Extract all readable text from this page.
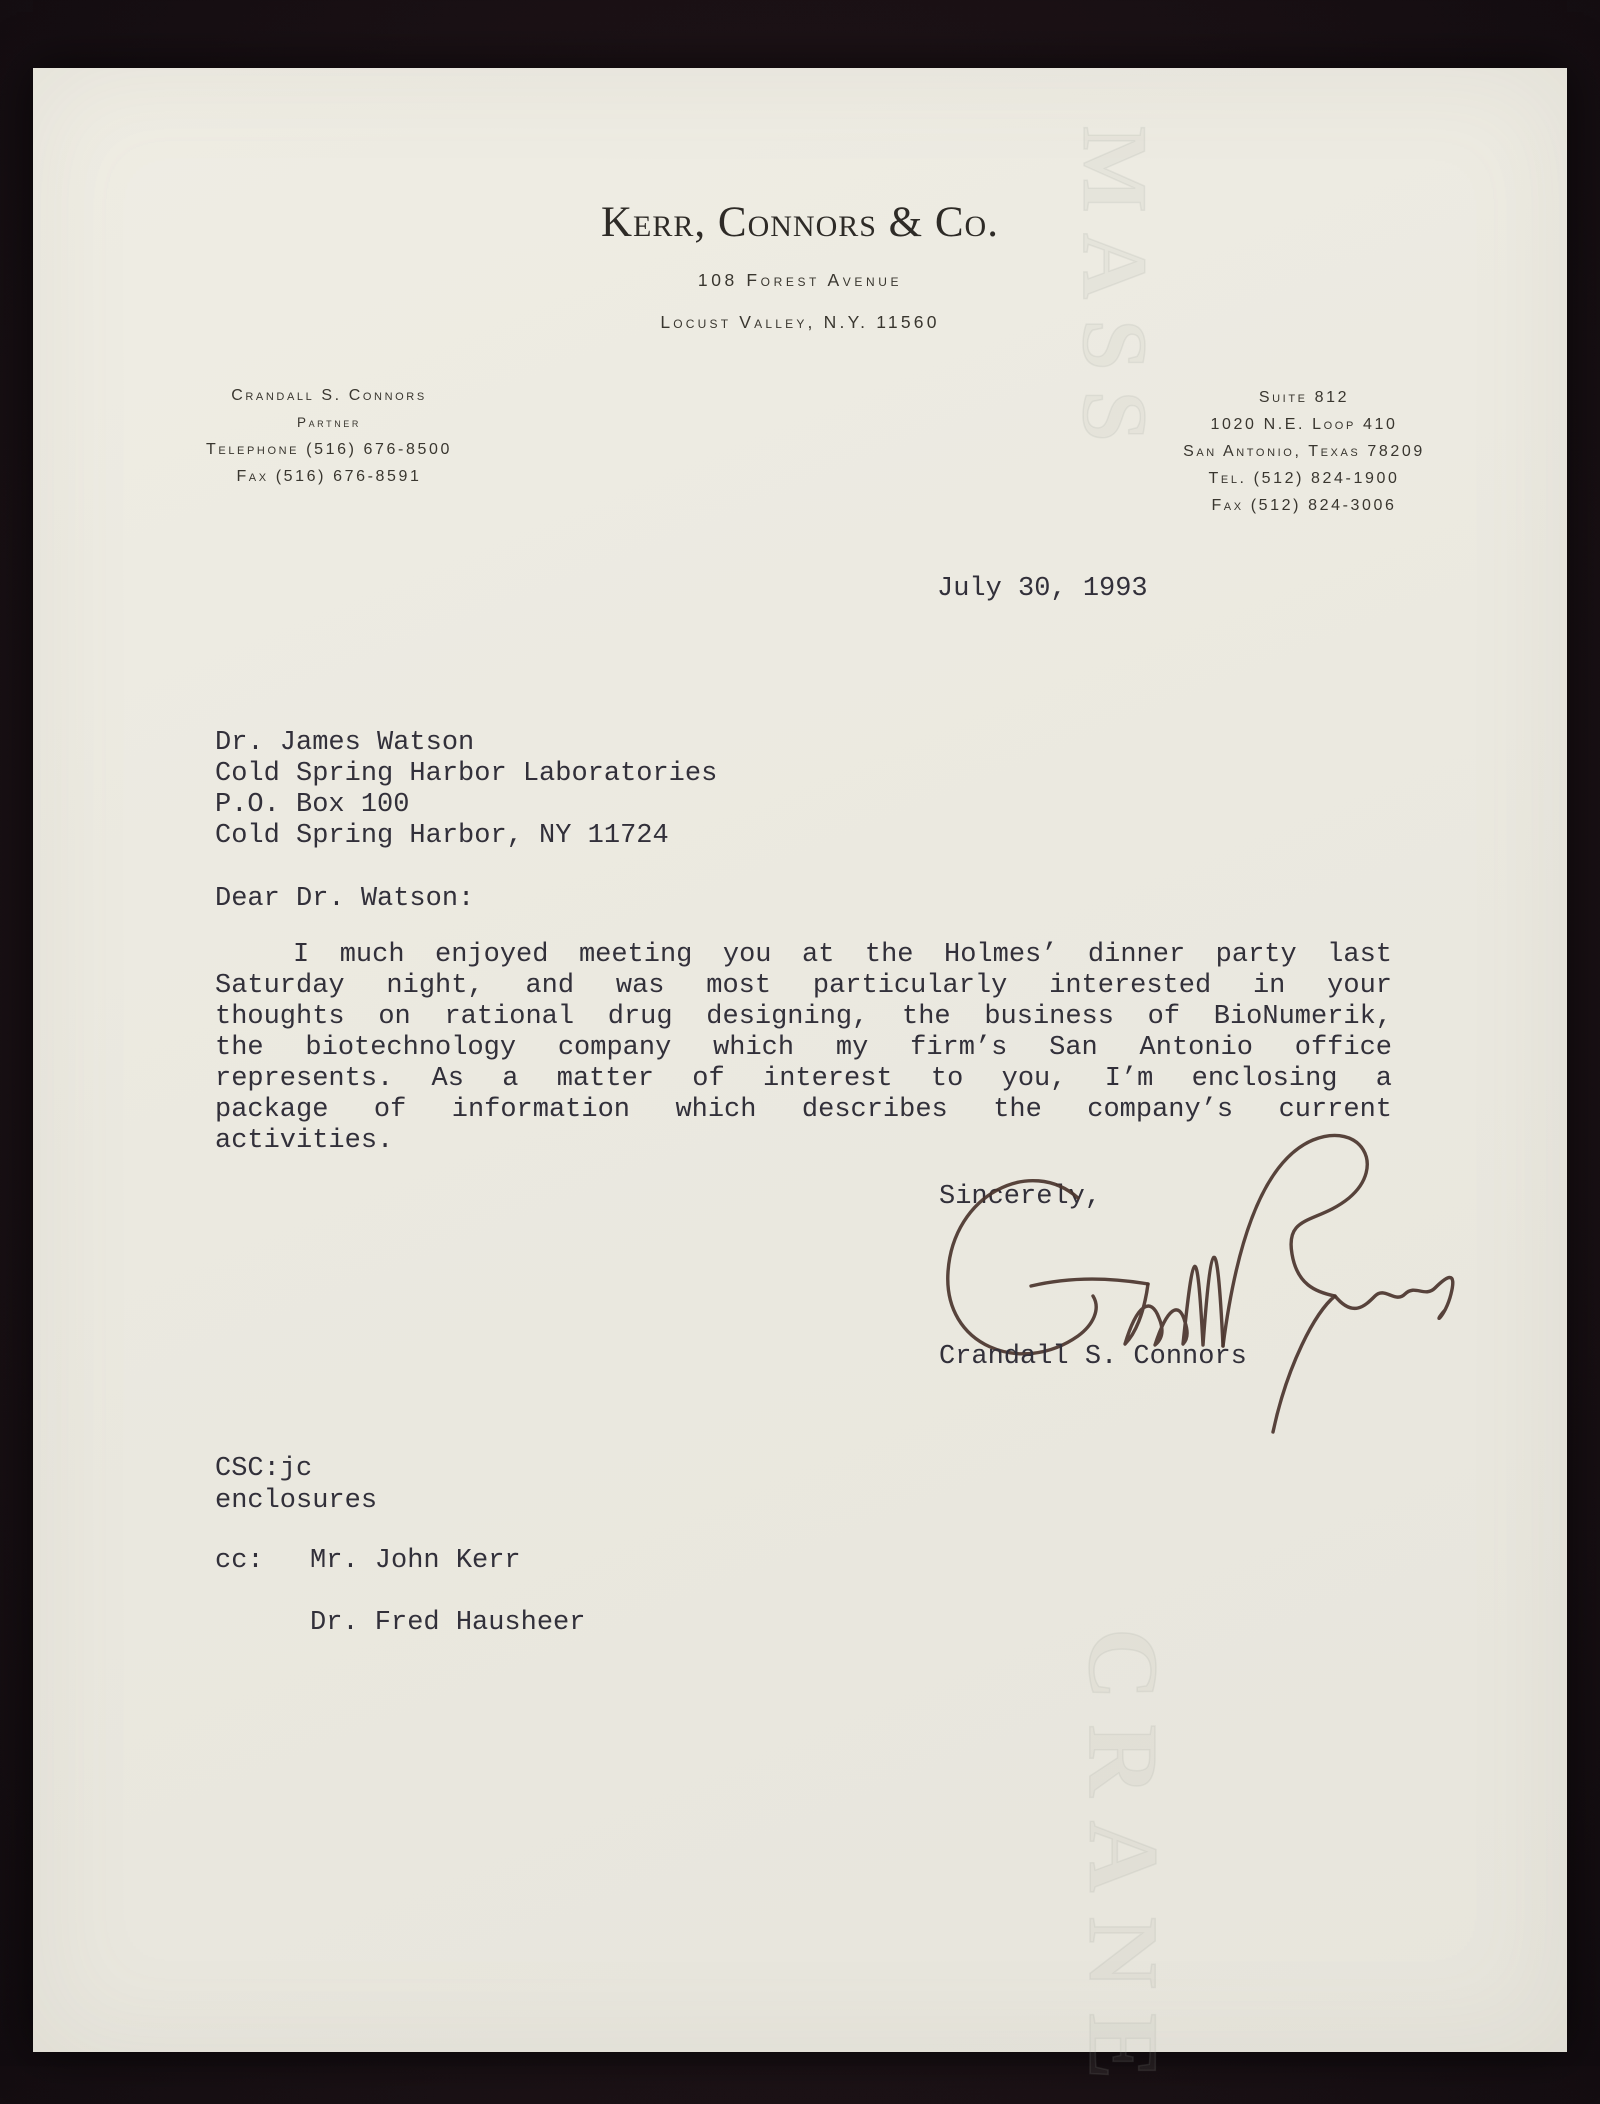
MASS
CRANE
Kerr, Connors & Co.
108 Forest Avenue
Locust Valley, N.Y. 11560
Crandall S. Connors
Partner
Telephone (516) 676-8500
Fax (516) 676-8591
Suite 812
1020 N.E. Loop 410
San Antonio, Texas 78209
Tel. (512) 824-1900
Fax (512) 824-3006
July 30, 1993
Dr. James Watson
Cold Spring Harbor Laboratories
P.O. Box 100
Cold Spring Harbor, NY 11724
Dear Dr. Watson:
I much enjoyed meeting you at the Holmes’ dinner party last
Saturday night, and was most particularly interested in your
thoughts on rational drug designing, the business of BioNumerik,
the biotechnology company which my firm’s San Antonio office
represents. As a matter of interest to you, I’m enclosing a
package of information which describes the company’s current
activities.
Sincerely,
Crandall S. Connors
CSC:jc
enclosures
cc: Mr. John Kerr
Dr. Fred Hausheer
